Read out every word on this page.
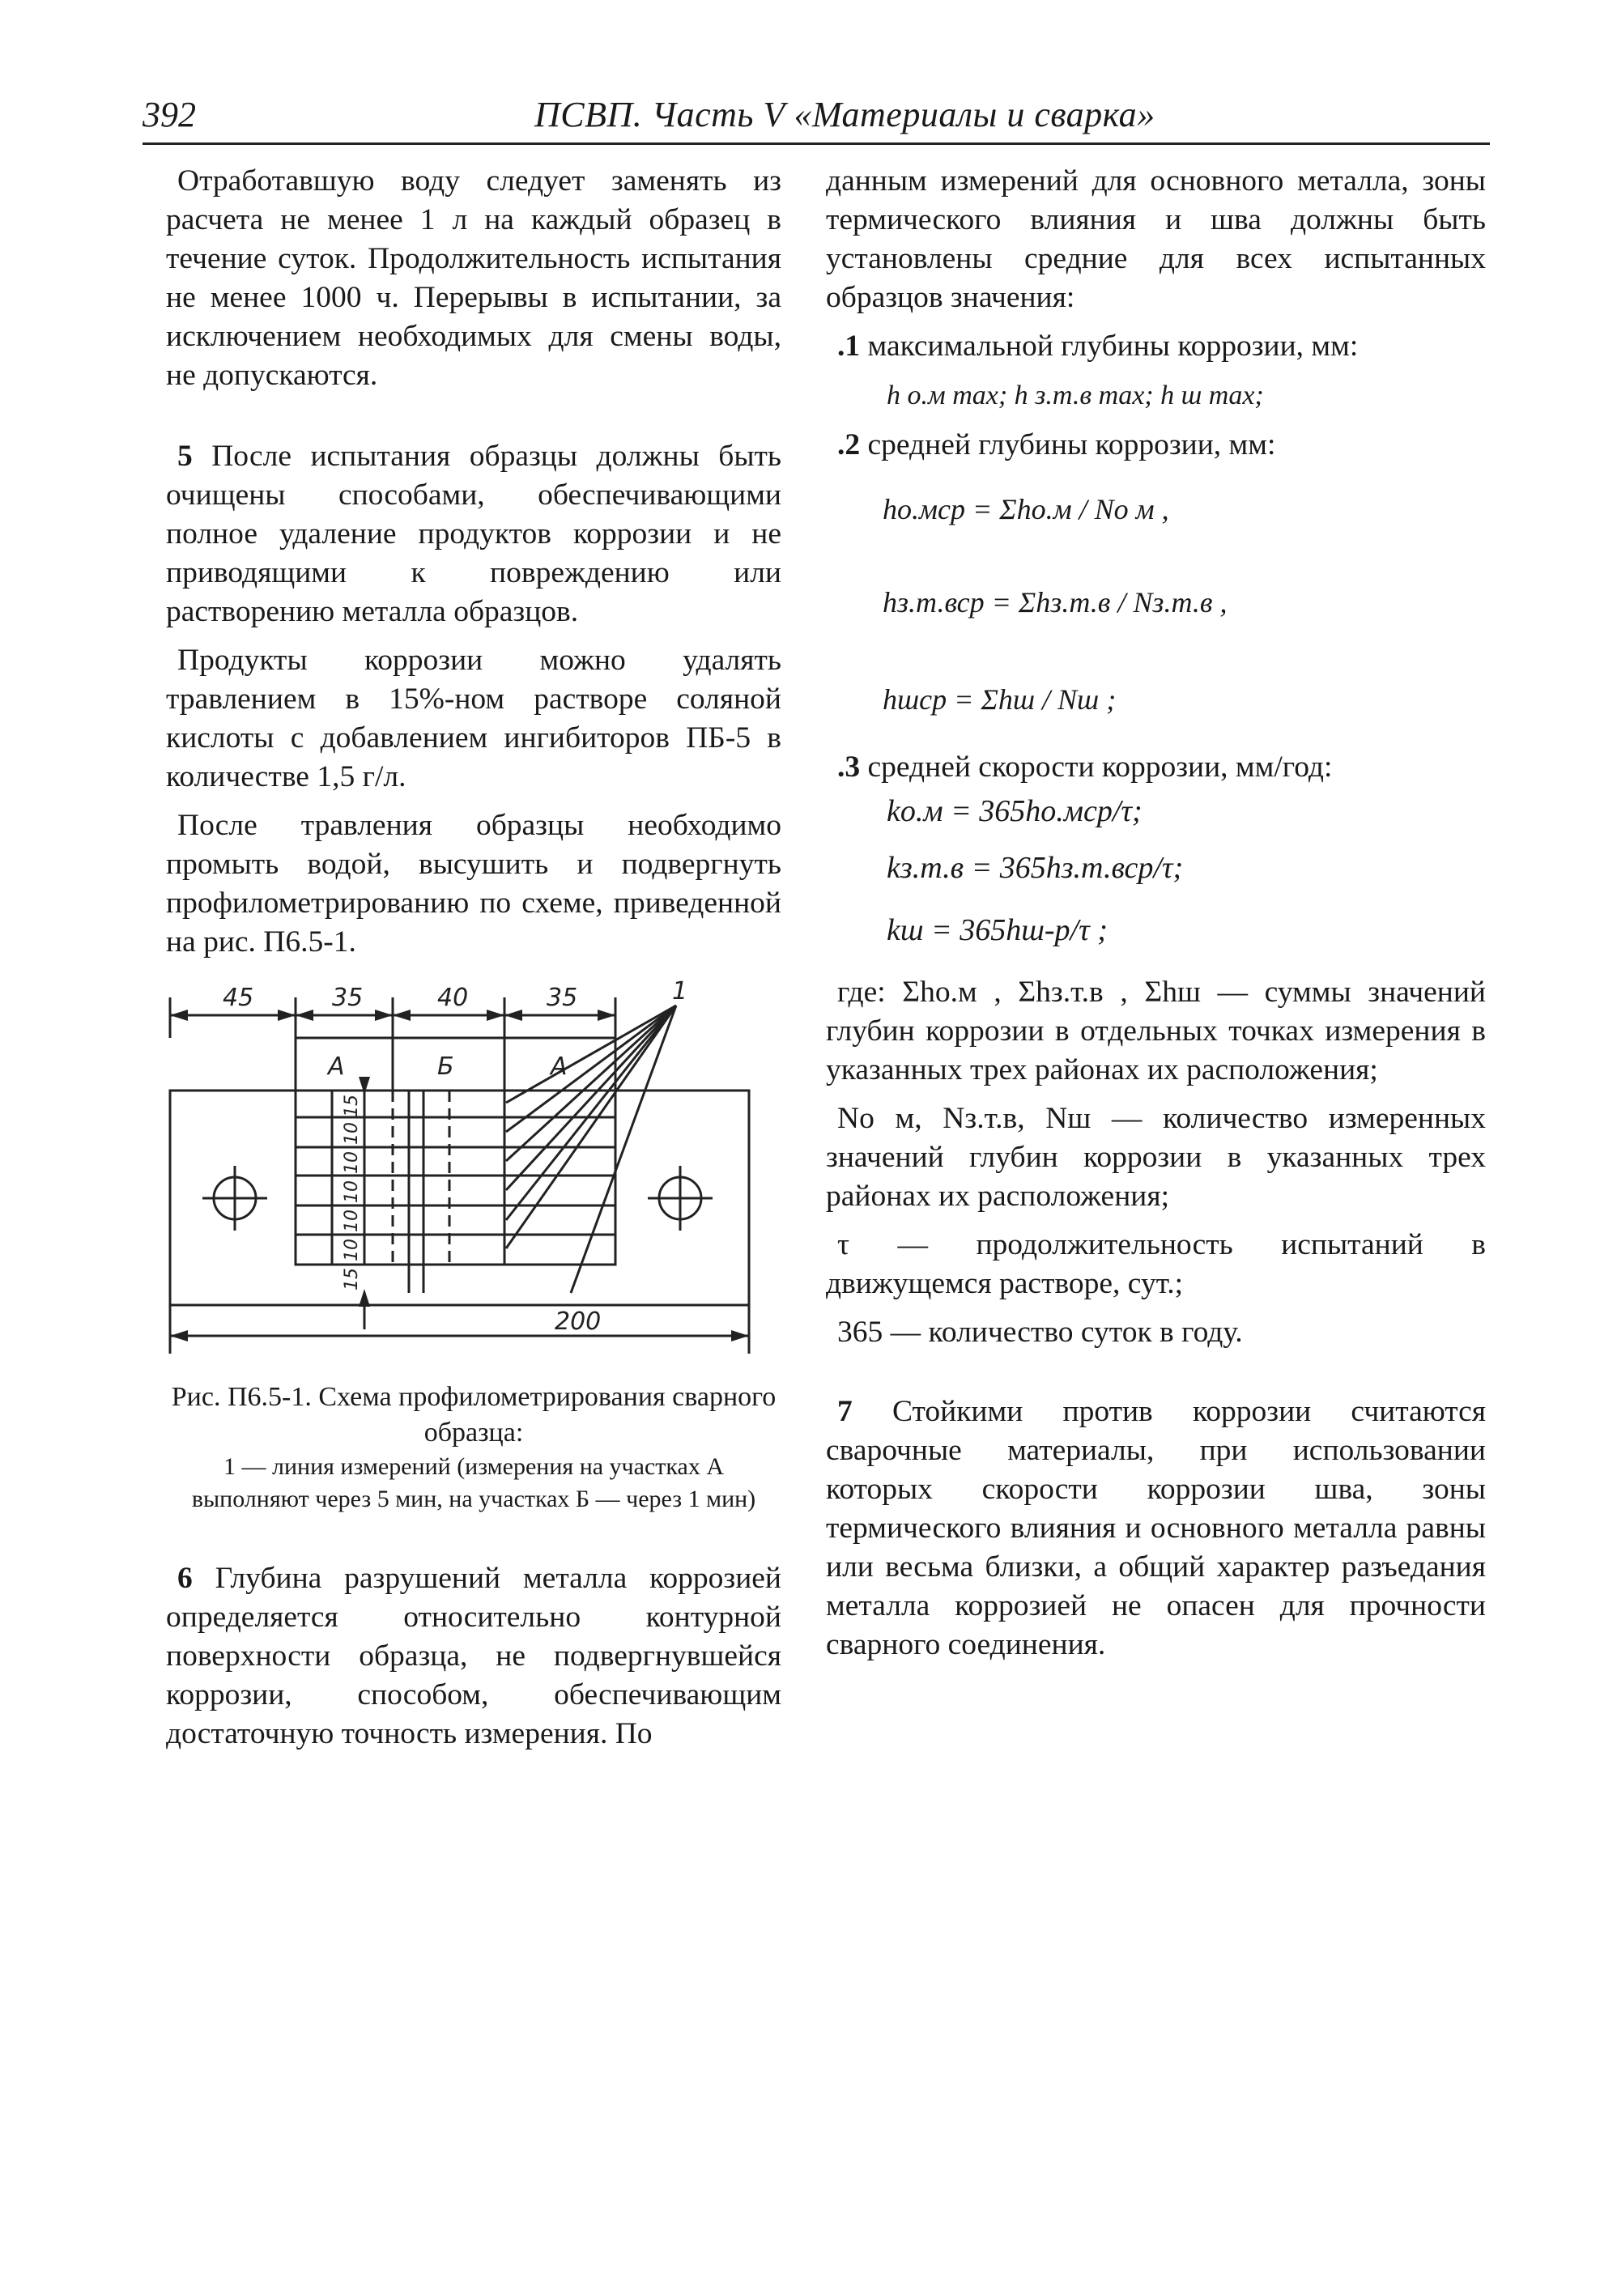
392	ПСВП. Часть V «Материалы и сварка»

Отработавшую воду следует заменять из расчета не менее 1 л на каждый образец в течение суток. Продолжительность испытания не менее 1000 ч. Перерывы в испытании, за исключением необходимых для смены воды, не допускаются.

5 После испытания образцы должны быть очищены способами, обеспечивающими полное удаление продуктов коррозии и не приводящими к повреждению или растворению металла образцов.

Продукты коррозии можно удалять травлением в 15%-ном растворе соляной кислоты с добавлением ингибиторов ПБ-5 в количестве 1,5 г/л.

После травления образцы необходимо промыть водой, высушить и подвергнуть профилометрированию по схеме, приведенной на рис. П6.5-1.

45	35	40	35
А	Б	А
1
200
15
10
10
10
10
10
15

Рис. П6.5-1. Схема профилометрирования сварного образца:

1 — линия измерений (измерения на участках А выполняют через 5 мин, на участках Б — через 1 мин)

6 Глубина разрушений металла коррозией определяется относительно контурной поверхности образца, не подвергнувшейся коррозии, способом, обеспечивающим достаточную точность измерения. По

данным измерений для основного металла, зоны термического влияния и шва должны быть установлены средние для всех испытанных образцов значения:

.1 максимальной глубины коррозии, мм:

h о.м max; h з.т.в max; h ш max;

.2 средней глубины коррозии, мм:

hо.мср = Σhо.м / Nо м ,
hз.т.вср = Σhз.т.в / Nз.т.в ,
hшср = Σhш / Nш ;

.3 средней скорости коррозии, мм/год:

kо.м = 365hо.мср/τ;
kз.т.в = 365hз.т.вср/τ;
kш = 365hш-р/τ ;

где: Σhо.м , Σhз.т.в , Σhш — суммы значений глубин коррозии в отдельных точках измерения в указанных трех районах их расположения;

Nо м, Nз.т.в, Nш — количество измеренных значений глубин коррозии в указанных трех районах их расположения;

τ — продолжительность испытаний в движущемся растворе, сут.;

365 — количество суток в году.

7 Стойкими против коррозии считаются сварочные материалы, при использовании которых скорости коррозии шва, зоны термического влияния и основного металла равны или весьма близки, а общий характер разъедания металла коррозией не опасен для прочности сварного соединения.
